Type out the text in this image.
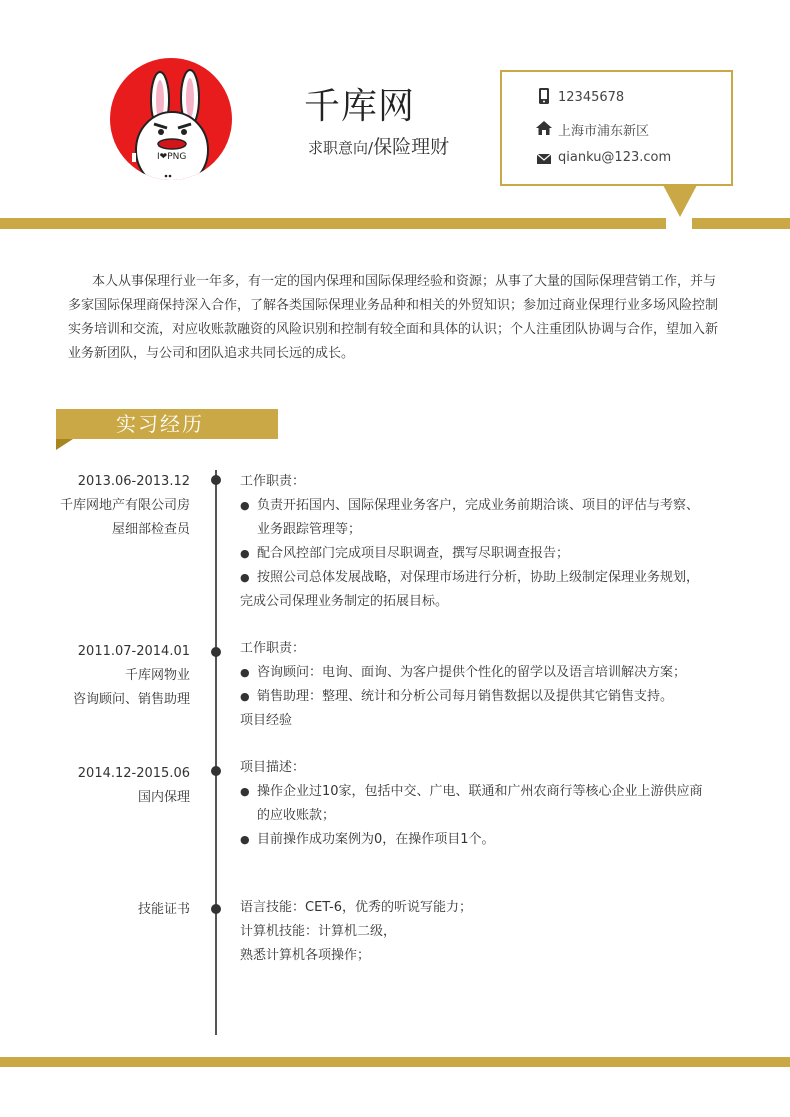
I❤PNG
千库网
求职意向/保险理财
12345678
上海市浦东新区
qianku@123.com
本人从事保理行业一年多，有一定的国内保理和国际保理经验和资源；从事了大量的国际保理营销工作，并与多家国际保理商保持深入合作，了解各类国际保理业务品种和相关的外贸知识；参加过商业保理行业多场风险控制实务培训和交流，对应收账款融资的风险识别和控制有较全面和具体的认识；个人注重团队协调与合作，望加入新业务新团队，与公司和团队追求共同长远的成长。
实习经历
2013.06-2013.12
千库网地产有限公司房屋细部检查员
工作职责：
● 负责开拓国内、国际保理业务客户，完成业务前期洽谈、项目的评估与考察、业务跟踪管理等；
● 配合风控部门完成项目尽职调查，撰写尽职调查报告；
● 按照公司总体发展战略，对保理市场进行分析，协助上级制定保理业务规划，
完成公司保理业务制定的拓展目标。
2011.07-2014.01
千库网物业
咨询顾问、销售助理
工作职责：
● 咨询顾问：电询、面询、为客户提供个性化的留学以及语言培训解决方案；
● 销售助理：整理、统计和分析公司每月销售数据以及提供其它销售支持。
项目经验
2014.12-2015.06
国内保理
项目描述：
● 操作企业过10家，包括中交、广电、联通和广州农商行等核心企业上游供应商的应收账款；
● 目前操作成功案例为0，在操作项目1个。
技能证书	语言技能：CET-6，优秀的听说写能力；
计算机技能：计算机二级，
熟悉计算机各项操作；
